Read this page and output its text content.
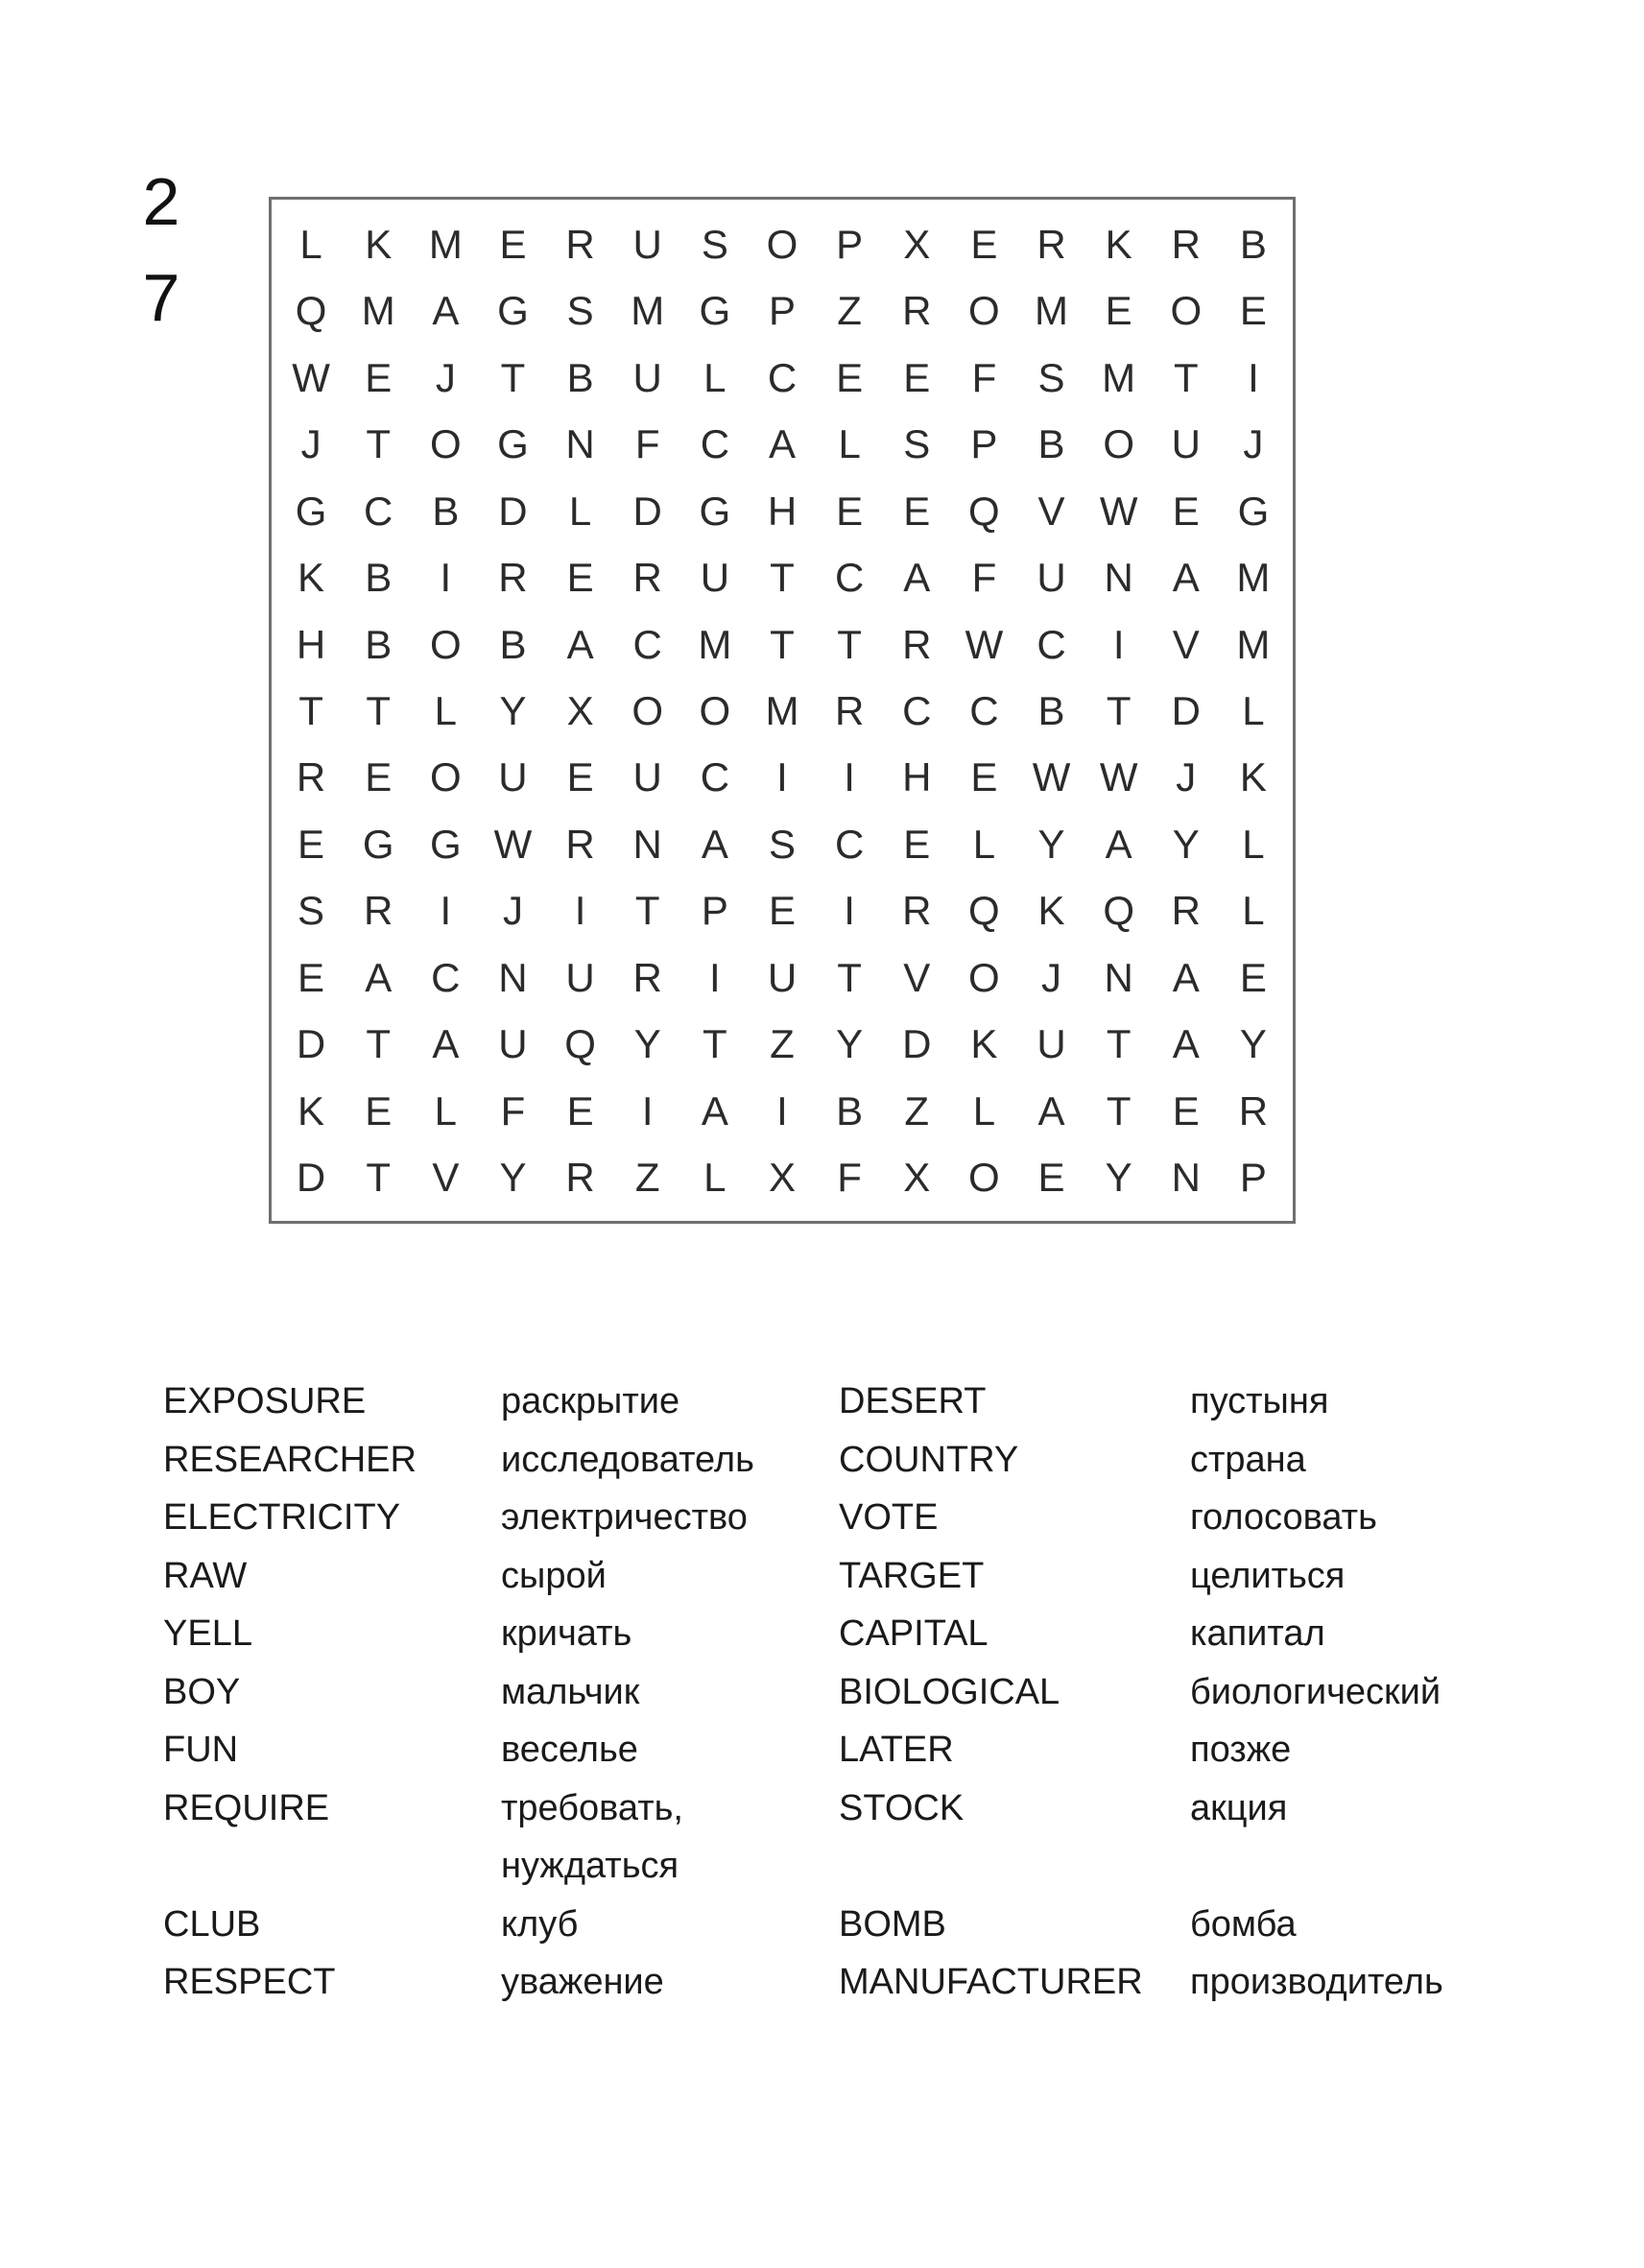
2
7
L	K M E R U S O P	X	E R K R B
Q M A G S M G P	Z	R O M E O E
W E	J	T	B U	L	C E	E	F	S M T	I
J	T O G N	F	C A	L	S	P	B O U	J
G C B D	L	D G H E	E Q V W E G
K	B	I	R E R U	T	C A	F	U N A M
H B O B	A C M T	T	R W C	I	V M
T	T	L	Y	X O O M R C C B	T	D	L
R E O U E U C	I	I	H E W W J	K
E G G W R N A	S C E	L	Y	A	Y	L
S R	I	J	I	T	P	E	I	R Q K Q R	L
E	A C N U R	I	U	T	V O	J	N A	E
D	T	A U Q Y	T	Z	Y D K U	T	A	Y
K	E	L	F	E	I	A	I	B	Z	L	A	T	E R
D	T	V	Y R	Z	L	X	F	X O E	Y N P
EXPOSURE	раскрытие	DESERT	пустыня
RESEARCHER	исследователь	COUNTRY	страна
ELECTRICITY	электричество	VOTE	голосовать
RAW	сырой	TARGET	целиться
YELL	кричать	CAPITAL	капитал
BOY	мальчик	BIOLOGICAL	биологический
FUN	веселье	LATER	позже
REQUIRE	требовать,	STOCK	акция
нуждаться
CLUB	клуб	BOMB	бомба
RESPECT	уважение	MANUFACTURER	производитель
